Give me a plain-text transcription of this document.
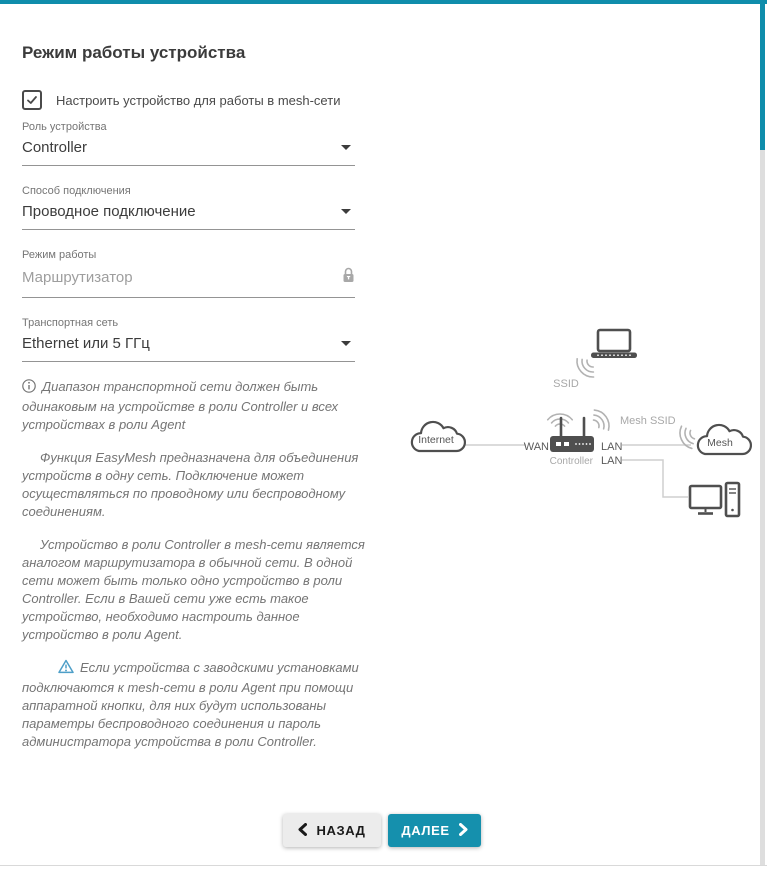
Режим работы устройства
Настроить устройство для работы в mesh-сети
Роль устройства
Controller
Способ подключения
Проводное подключение
Режим работы
Маршрутизатор
Транспортная сеть
Ethernet или 5 ГГц

Диапазон транспортной сети должен быть одинаковым на устройстве в роли Controller и всех устройствах в роли Agent

Функция EasyMesh предназначена для объединения устройств в одну сеть. Подключение может осуществляться по проводному или беспроводному соединениям.

Устройство в роли Controller в mesh-сети является аналогом маршрутизатора в обычной сети. В одной сети может быть только одно устройство в роли Controller. Если в Вашей сети уже есть такое устройство, необходимо настроить данное устройство в роли Agent.

Если устройства с заводскими установками подключаются к mesh-сети в роли Agent при помощи аппаратной кнопки, для них будут использованы параметры беспроводного соединения и пароль администратора устройства в роли Controller.

SSID
WAN	LAN
LAN
Controller
Mesh SSID
Internet	Mesh
НАЗАД	ДАЛЕЕ
